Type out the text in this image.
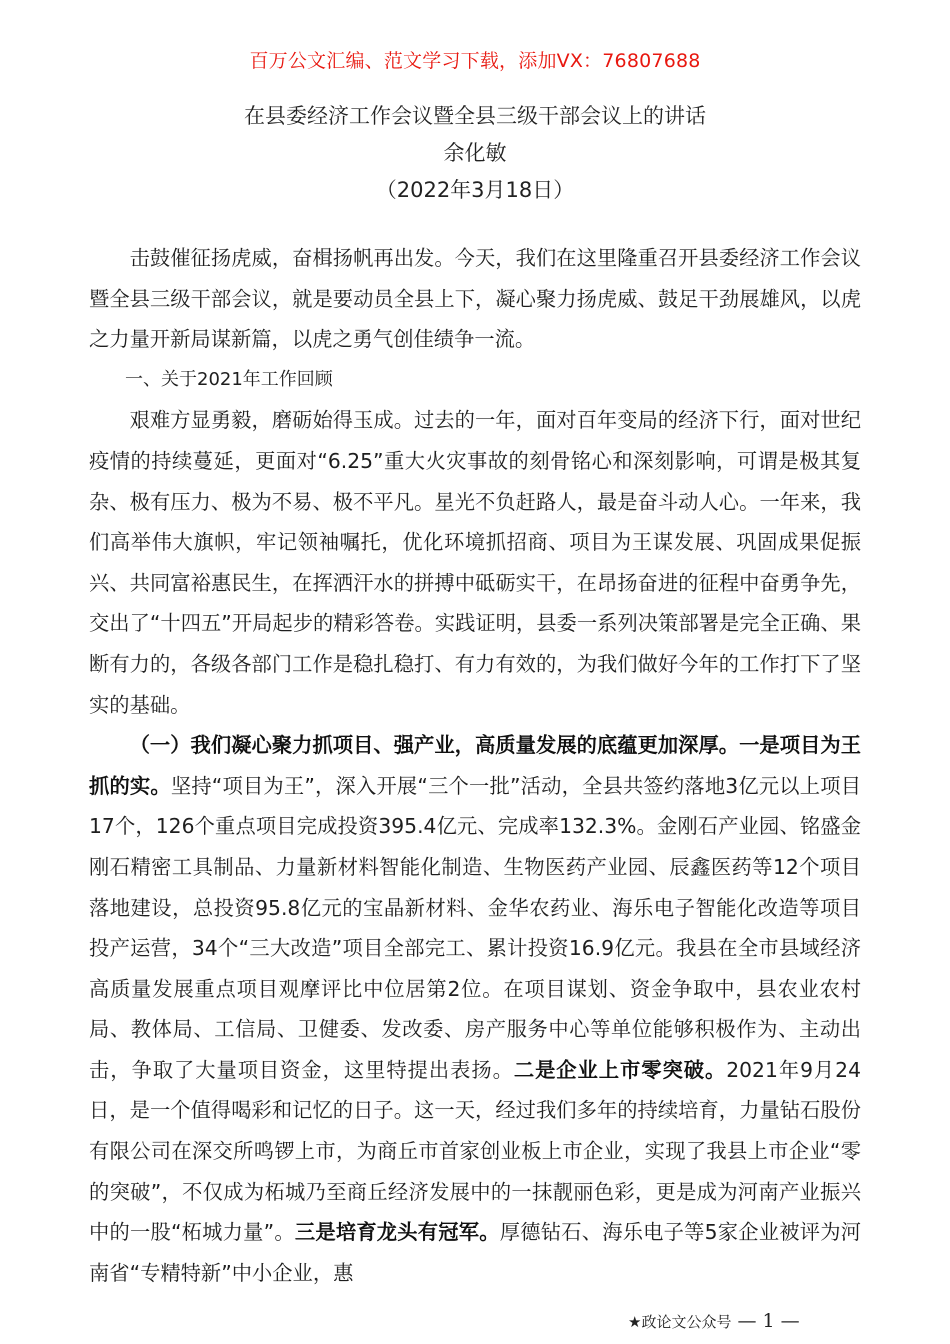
百万公文汇编、范文学习下载，添加VX：76807688
在县委经济工作会议暨全县三级干部会议上的讲话
余化敏
（2022年3月18日）

击鼓催征扬虎威，奋楫扬帆再出发。今天，我们在这里隆重召开县委经济工作会议暨全县三级干部会议，就是要动员全县上下，凝心聚力扬虎威、鼓足干劲展雄风，以虎之力量开新局谋新篇，以虎之勇气创佳绩争一流。

一、关于2021年工作回顾

艰难方显勇毅，磨砺始得玉成。过去的一年，面对百年变局的经济下行，面对世纪疫情的持续蔓延，更面对“6.25”重大火灾事故的刻骨铭心和深刻影响，可谓是极其复杂、极有压力、极为不易、极不平凡。星光不负赶路人，最是奋斗动人心。一年来，我们高举伟大旗帜，牢记领袖嘱托，优化环境抓招商、项目为王谋发展、巩固成果促振兴、共同富裕惠民生，在挥洒汗水的拼搏中砥砺实干，在昂扬奋进的征程中奋勇争先，交出了“十四五”开局起步的精彩答卷。实践证明，县委一系列决策部署是完全正确、果断有力的，各级各部门工作是稳扎稳打、有力有效的，为我们做好今年的工作打下了坚实的基础。

（一）我们凝心聚力抓项目、强产业，高质量发展的底蕴更加深厚。一是项目为王抓的实。坚持“项目为王”，深入开展“三个一批”活动，全县共签约落地3亿元以上项目17个，126个重点项目完成投资395.4亿元、完成率132.3%。金刚石产业园、铭盛金刚石精密工具制品、力量新材料智能化制造、生物医药产业园、辰鑫医药等12个项目落地建设，总投资95.8亿元的宝晶新材料、金华农药业、海乐电子智能化改造等项目投产运营，34个“三大改造”项目全部完工、累计投资16.9亿元。我县在全市县域经济高质量发展重点项目观摩评比中位居第2位。在项目谋划、资金争取中，县农业农村局、教体局、工信局、卫健委、发改委、房产服务中心等单位能够积极作为、主动出击，争取了大量项目资金，这里特提出表扬。二是企业上市零突破。2021年9月24日，是一个值得喝彩和记忆的日子。这一天，经过我们多年的持续培育，力量钻石股份有限公司在深交所鸣锣上市，为商丘市首家创业板上市企业，实现了我县上市企业“零的突破”，不仅成为柘城乃至商丘经济发展中的一抹靓丽色彩，更是成为河南产业振兴中的一股“柘城力量”。三是培育龙头有冠军。厚德钻石、海乐电子等5家企业被评为河南省“专精特新”中小企业，惠

★政论文公众号 — 1 —
